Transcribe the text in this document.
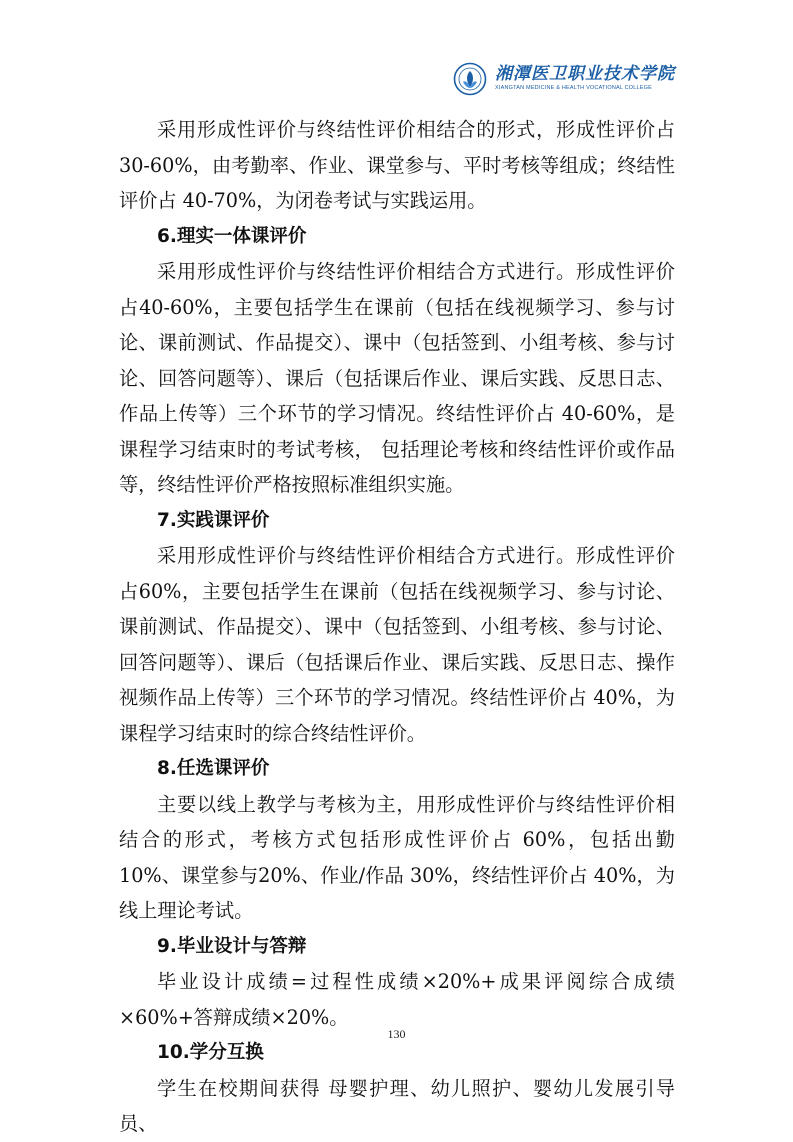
湘潭医卫职业技术学院
XIANGTAN MEDICINE & HEALTH VOCATIONAL COLLEGE

采用形成性评价与终结性评价相结合的形式，形成性评价占30-60%，由考勤率、作业、课堂参与、平时考核等组成；终结性评价占 40-70%，为闭卷考试与实践运用。

6.理实一体课评价

采用形成性评价与终结性评价相结合方式进行。形成性评价占40-60%，主要包括学生在课前（包括在线视频学习、参与讨论、课前测试、作品提交）、课中（包括签到、小组考核、参与讨论、回答问题等）、课后（包括课后作业、课后实践、反思日志、作品上传等）三个环节的学习情况。终结性评价占 40-60%，是课程学习结束时的考试考核， 包括理论考核和终结性评价或作品等，终结性评价严格按照标准组织实施。

7.实践课评价

采用形成性评价与终结性评价相结合方式进行。形成性评价占60%，主要包括学生在课前（包括在线视频学习、参与讨论、课前测试、作品提交）、课中（包括签到、小组考核、参与讨论、回答问题等）、课后（包括课后作业、课后实践、反思日志、操作视频作品上传等）三个环节的学习情况。终结性评价占 40%，为课程学习结束时的综合终结性评价。

8.任选课评价

主要以线上教学与考核为主，用形成性评价与终结性评价相结合的形式，考核方式包括形成性评价占 60%，包括出勤 10%、课堂参与20%、作业/作品 30%，终结性评价占 40%，为线上理论考试。

9.毕业设计与答辩

毕业设计成绩=过程性成绩×20%+成果评阅综合成绩×60%+答辩成绩×20%。

10.学分互换

学生在校期间获得 母婴护理、幼儿照护、婴幼儿发展引导员、

130
